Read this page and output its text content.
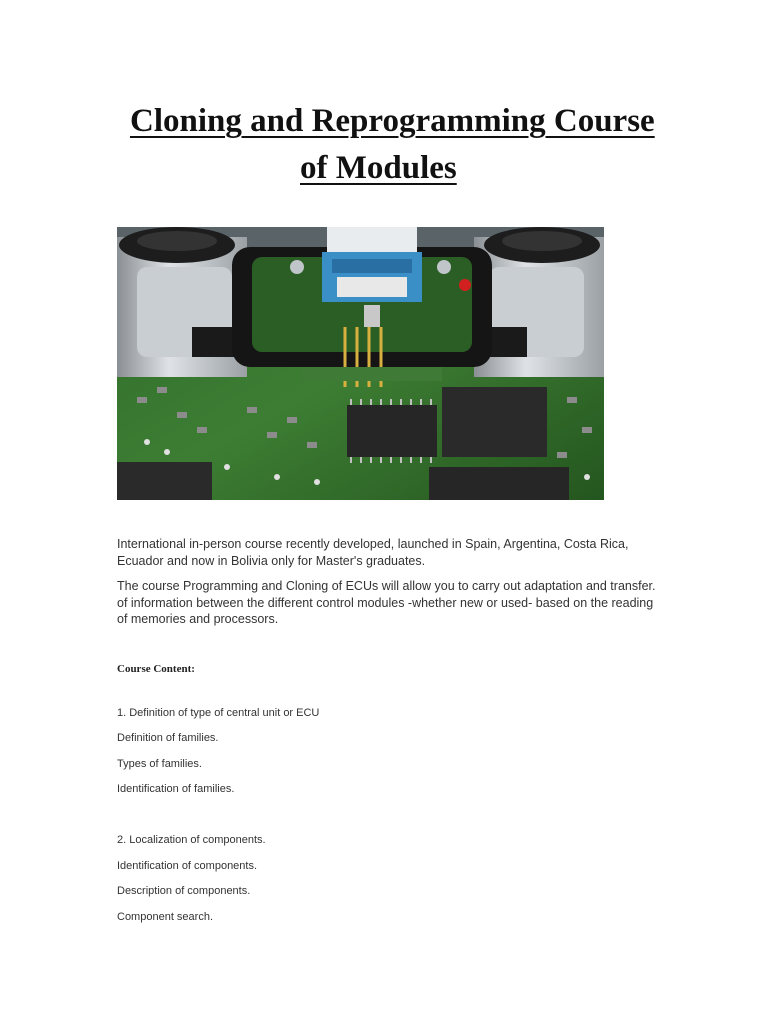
Cloning and Reprogramming Course
of Modules

International in-person course recently developed, launched in Spain, Argentina, Costa Rica, Ecuador and now in Bolivia only for Master's graduates.

The course Programming and Cloning of ECUs will allow you to carry out adaptation and transfer. of information between the different control modules -whether new or used- based on the reading of memories and processors.

Course Content:

1. Definition of type of central unit or ECU

Definition of families.

Types of families.

Identification of families.

2. Localization of components.

Identification of components.

Description of components.

Component search.
